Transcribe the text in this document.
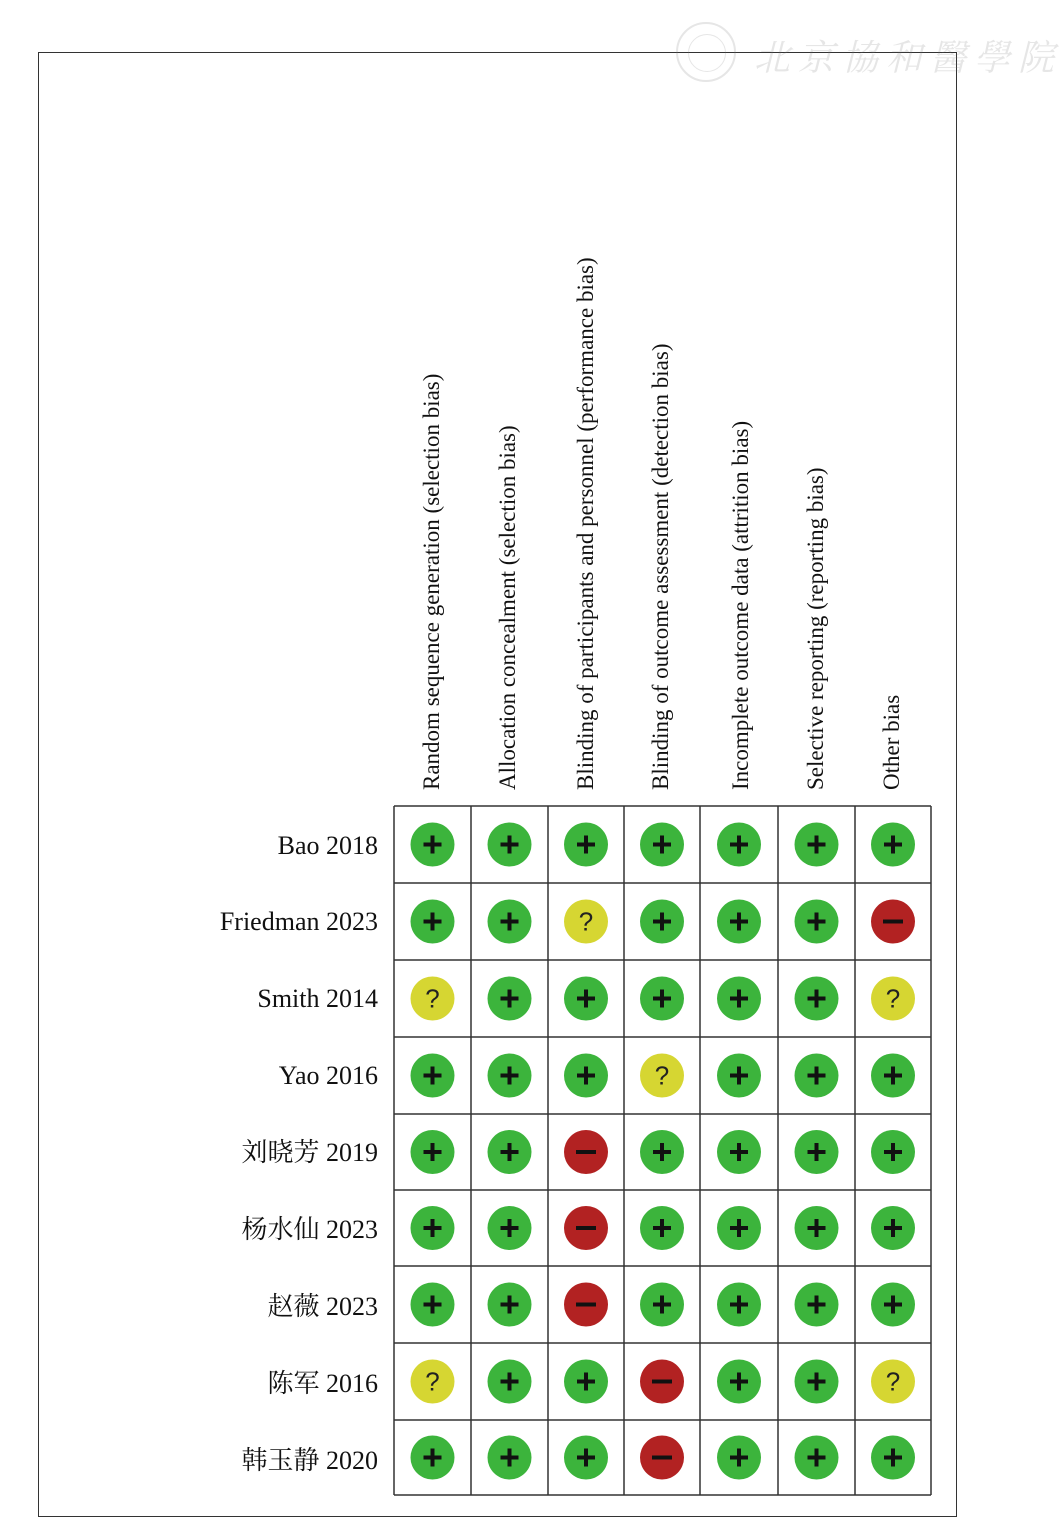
北京協和醫學院
Random sequence generation (selection bias) Allocation concealment (selection bias) Blinding of participants and personnel (performance bias) Blinding of outcome assessment (detection bias) Incomplete outcome data (attrition bias) Selective reporting (reporting bias) Other bias
Bao 2018
Friedman 2023
Smith 2014
Yao 2016
刘晓芳 2019
杨水仙 2023
赵薇 2023
陈军 2016
韩玉静 2020
?
?	?
?
?	?
